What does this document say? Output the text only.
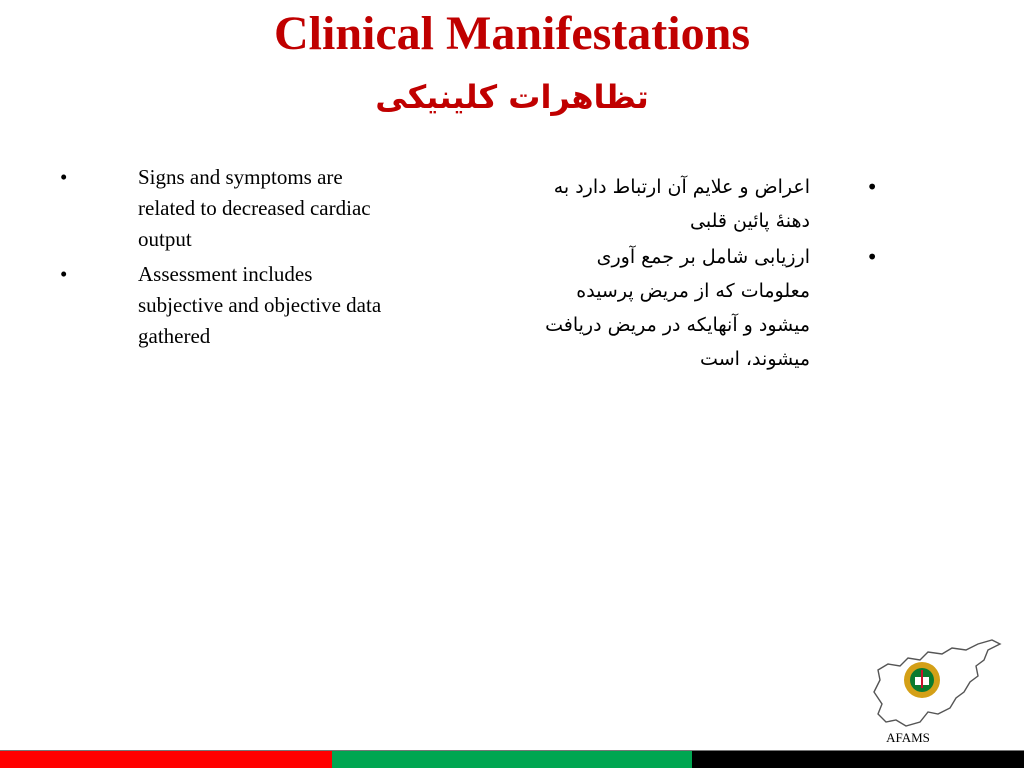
Clinical Manifestations
تظاهرات کلینیکی
•	Signs and symptoms are related to decreased cardiac output
•	Assessment includes subjective and objective data gathered
•
اعراض و علایم آن ارتباط دارد به دهنهٔ پائین قلبی
•
ارزیابی شامل بر جمع آوری معلومات که از مریض پرسیده میشود و آنهایکه در مریض دریافت میشوند، است
AFAMS
